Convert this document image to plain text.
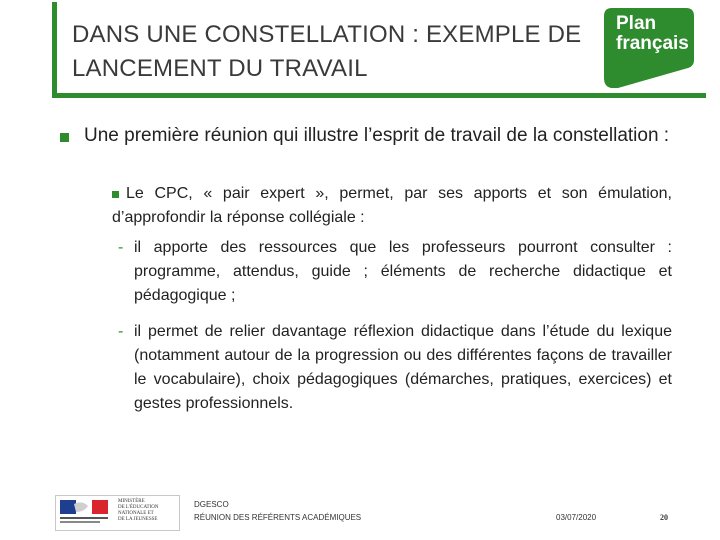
DANS UNE CONSTELLATION : EXEMPLE DE
LANCEMENT DU TRAVAIL
Plan
français
Une première réunion qui illustre l’esprit de travail de la constellation :
Le CPC, « pair expert », permet, par ses apports et son émulation, d’approfondir la réponse collégiale :
- il apporte des ressources que les professeurs pourront consulter : programme, attendus, guide ; éléments de recherche didactique et pédagogique ;
- il permet de relier davantage réflexion didactique dans l’étude du lexique (notamment autour de la progression ou des différentes façons de travailler le vocabulaire), choix pédagogiques (démarches, pratiques, exercices) et gestes professionnels.
MINISTÈRE
DE L'ÉDUCATION
NATIONALE ET
DE LA JEUNESSE
DGESCO
RÉUNION DES RÉFÉRENTS ACADÉMIQUES	03/07/2020	20
